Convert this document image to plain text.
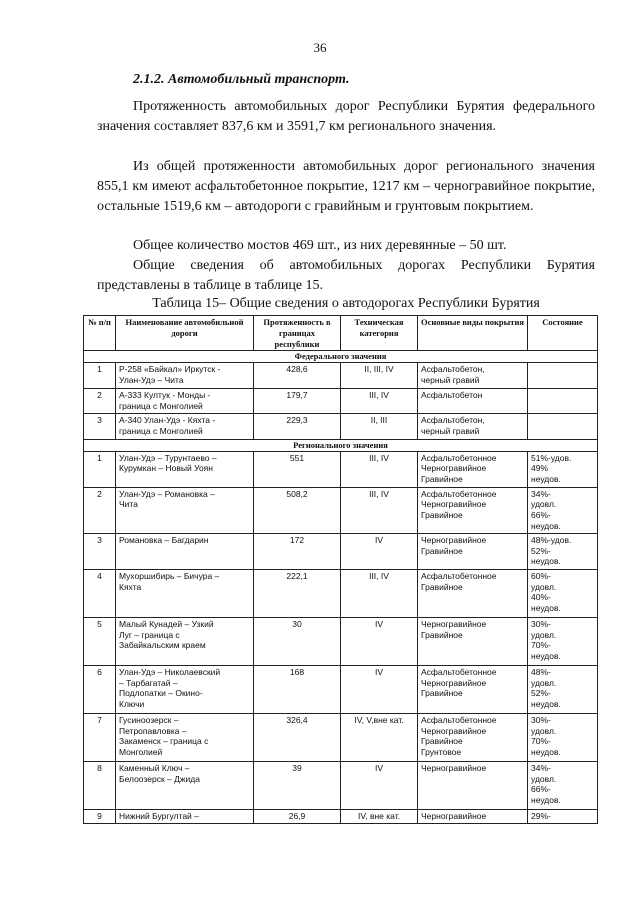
36
2.1.2. Автомобильный транспорт.

Протяженность автомобильных дорог Республики Бурятия федерального значения составляет 837,6 км и 3591,7 км регионального значения.

Из общей протяженности автомобильных дорог регионального значения 855,1 км имеют асфальтобетонное покрытие, 1217 км – черногравийное покрытие, остальные 1519,6 км – автодороги с гравийным и грунтовым покрытием.

Общее количество мостов 469 шт., из них деревянные – 50 шт.

Общие сведения об автомобильных дорогах Республики Бурятия представлены в таблице в таблице 15.

Таблица 15– Общие сведения о автодорогах Республики Бурятия
№ п/п	Наименование автомобильной дороги	Протяженность в границах республики	Техническая категория	Основные виды покрытия	Состояние
Федерального значения					
1	Р-258 «Байкал» Иркутск -
Улан-Удэ – Чита	428,6	II, III, IV	Асфальтобетон,
черный гравий	

2	А-333 Култук - Монды -
граница с Монголией	179,7	III, IV	Асфальтобетон	

3	А-340 Улан-Удэ - Кяхта -
граница с Монголией	229,3	II, III	Асфальтобетон,
черный гравий	

Регионального значения					
1	Улан-Удэ – Турунтаево –
Курумкан – Новый Уоян	551	III, IV	Асфальтобетонное
Черногравийное
Гравийное	51%-удов.
49%
неудов.

2	Улан-Удэ – Романовка –
Чита	508,2	III, IV	Асфальтобетонное
Черногравийное
Гравийное	34%-
удовл.
66%-
неудов.

3	Романовка – Багдарин	172	IV	Черногравийное
Гравийное	48%-удов.
52%-
неудов.

4	Мухоршибирь – Бичура –
Кяхта	222,1	III, IV	Асфальтобетонное
Гравийное	60%-
удовл.
40%-
неудов.

5	Малый Кунадей – Узкий
Луг – граница с
Забайкальским краем	30	IV	Черногравийное
Гравийное	30%-
удовл.
70%-
неудов.

6	Улан-Удэ – Николаевский
– Тарбагатай –
Подлопатки – Окино-
Ключи	168	IV	Асфальтобетонное
Черногравийное
Гравийное	48%-
удовл.
52%-
неудов.

7	Гусиноозерск –
Петропавловка –
Закаменск – граница с
Монголией	326,4	IV, V,вне кат.	Асфальтобетонное
Черногравийное
Гравийное
Грунтовое	30%-
удовл.
70%-
неудов.

8	Каменный Ключ –
Белоозерск – Джида	39	IV	Черногравийное	34%-
удовл.
66%-
неудов.

9	Нижний Бургултай –	26,9	IV, вне кат.	Черногравийное	29%-
